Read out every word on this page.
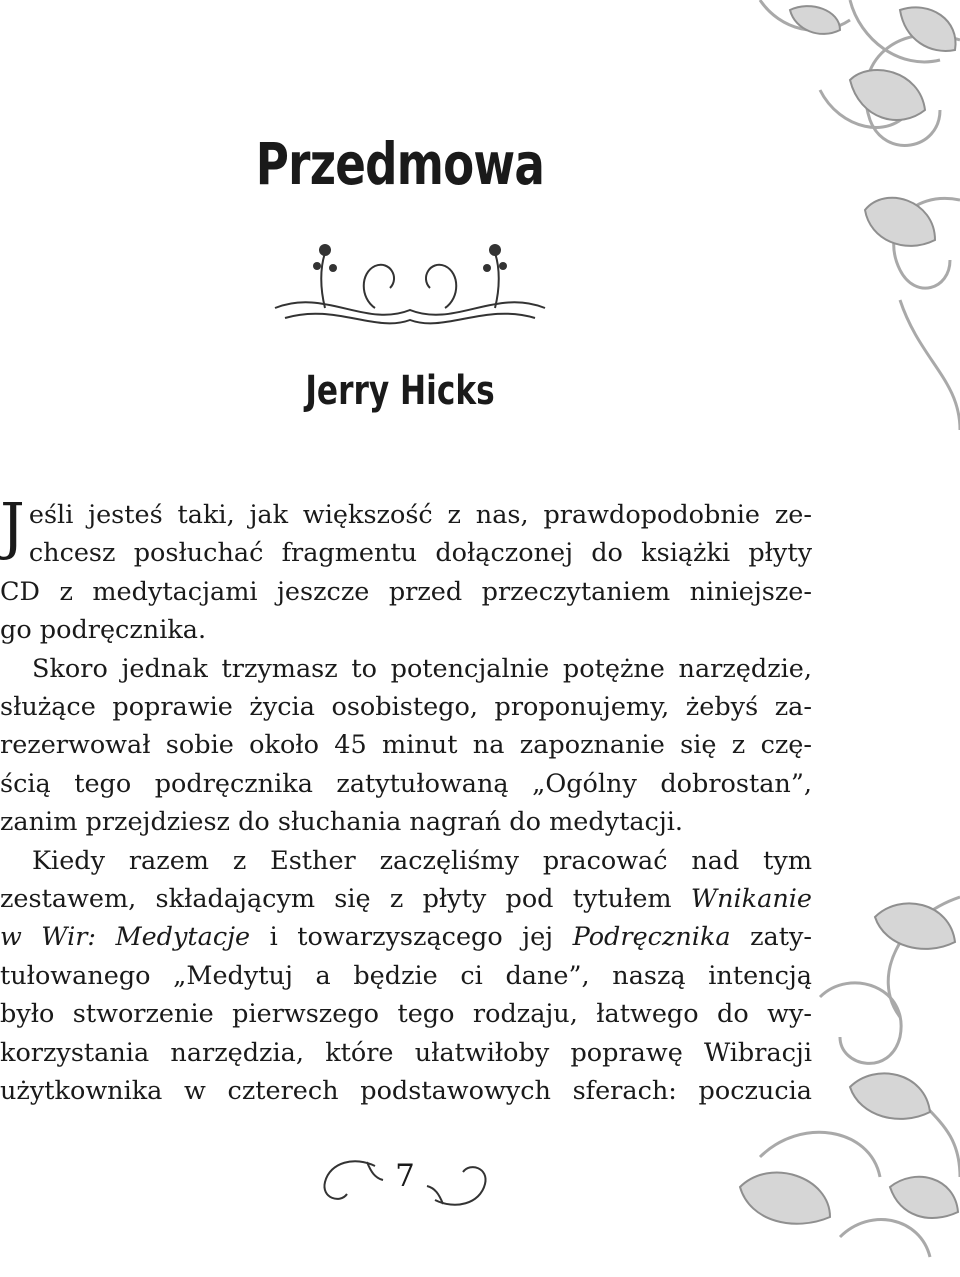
Przedmowa
Jerry Hicks

J eśli jesteś taki, jak większość z nas, prawdopodobnie ze-
chcesz posłuchać fragmentu dołączonej do książki płyty
CD z medytacjami jeszcze przed przeczytaniem niniejsze-
go podręcznika.

Skoro jednak trzymasz to potencjalnie potężne narzędzie,
służące poprawie życia osobistego, proponujemy, żebyś za-
rezerwował sobie około 45 minut na zapoznanie się z czę-
ścią tego podręcznika zatytułowaną „Ogólny dobrostan”,
zanim przejdziesz do słuchania nagrań do medytacji.

Kiedy razem z Esther zaczęliśmy pracować nad tym
zestawem, składającym się z płyty pod tytułem Wnikanie
w Wir: Medytacje i towarzyszącego jej Podręcznika zaty-
tułowanego „Medytuj a będzie ci dane”, naszą intencją
było stworzenie pierwszego tego rodzaju, łatwego do wy-
korzystania narzędzia, które ułatwiłoby poprawę Wibracji
użytkownika w czterech podstawowych sferach: poczucia

7
